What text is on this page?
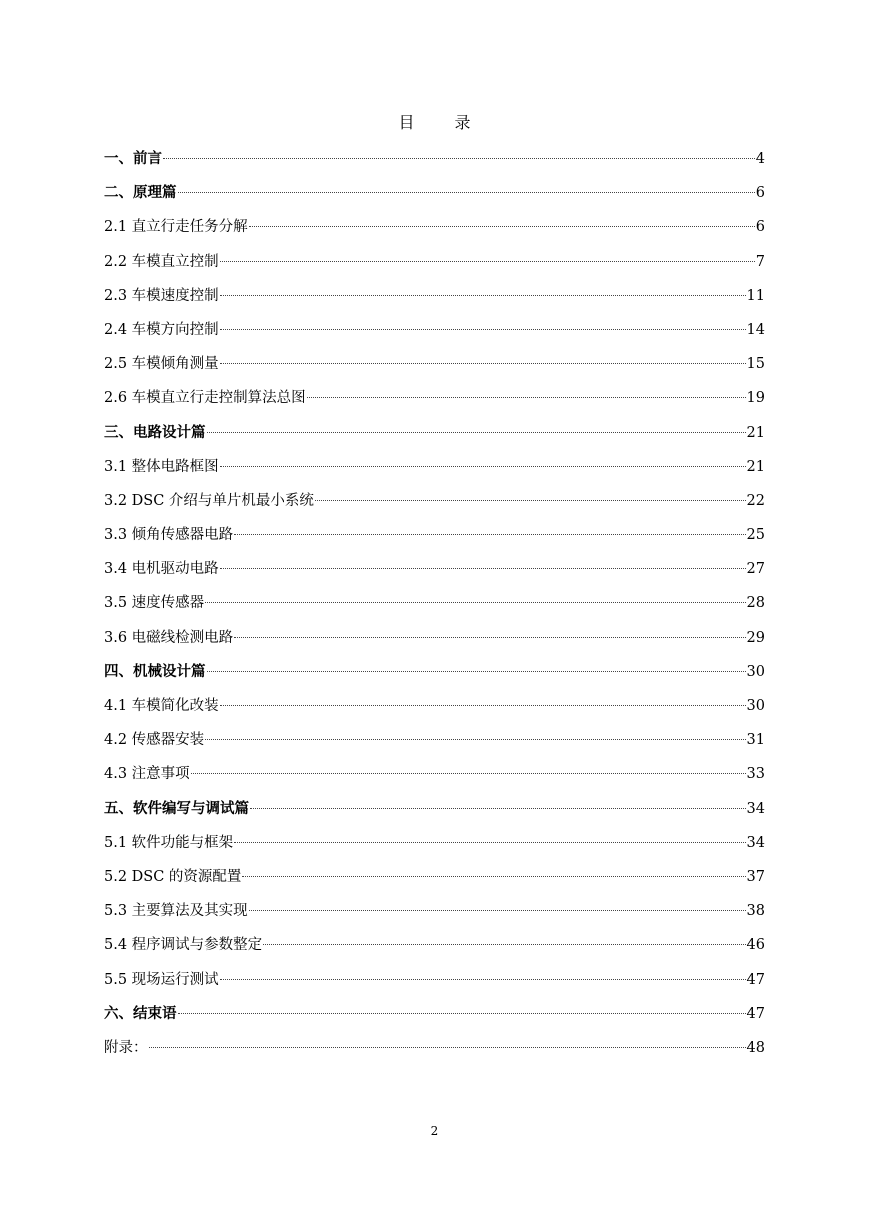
目	录
一、前言	4
二、原理篇	6
2.1 直立行走任务分解	6
2.2 车模直立控制	7
2.3 车模速度控制	11
2.4 车模方向控制	14
2.5 车模倾角测量	15
2.6 车模直立行走控制算法总图	19
三、电路设计篇	21
3.1 整体电路框图	21
3.2 DSC 介绍与单片机最小系统	22
3.3 倾角传感器电路	25
3.4 电机驱动电路	27
3.5 速度传感器	28
3.6 电磁线检测电路	29
四、机械设计篇	30
4.1 车模简化改装	30
4.2 传感器安装	31
4.3 注意事项	33
五、软件编写与调试篇	34
5.1 软件功能与框架	34
5.2 DSC 的资源配置	37
5.3 主要算法及其实现	38
5.4 程序调试与参数整定	46
5.5 现场运行测试	47
六、结束语	47
附录：	48
2
